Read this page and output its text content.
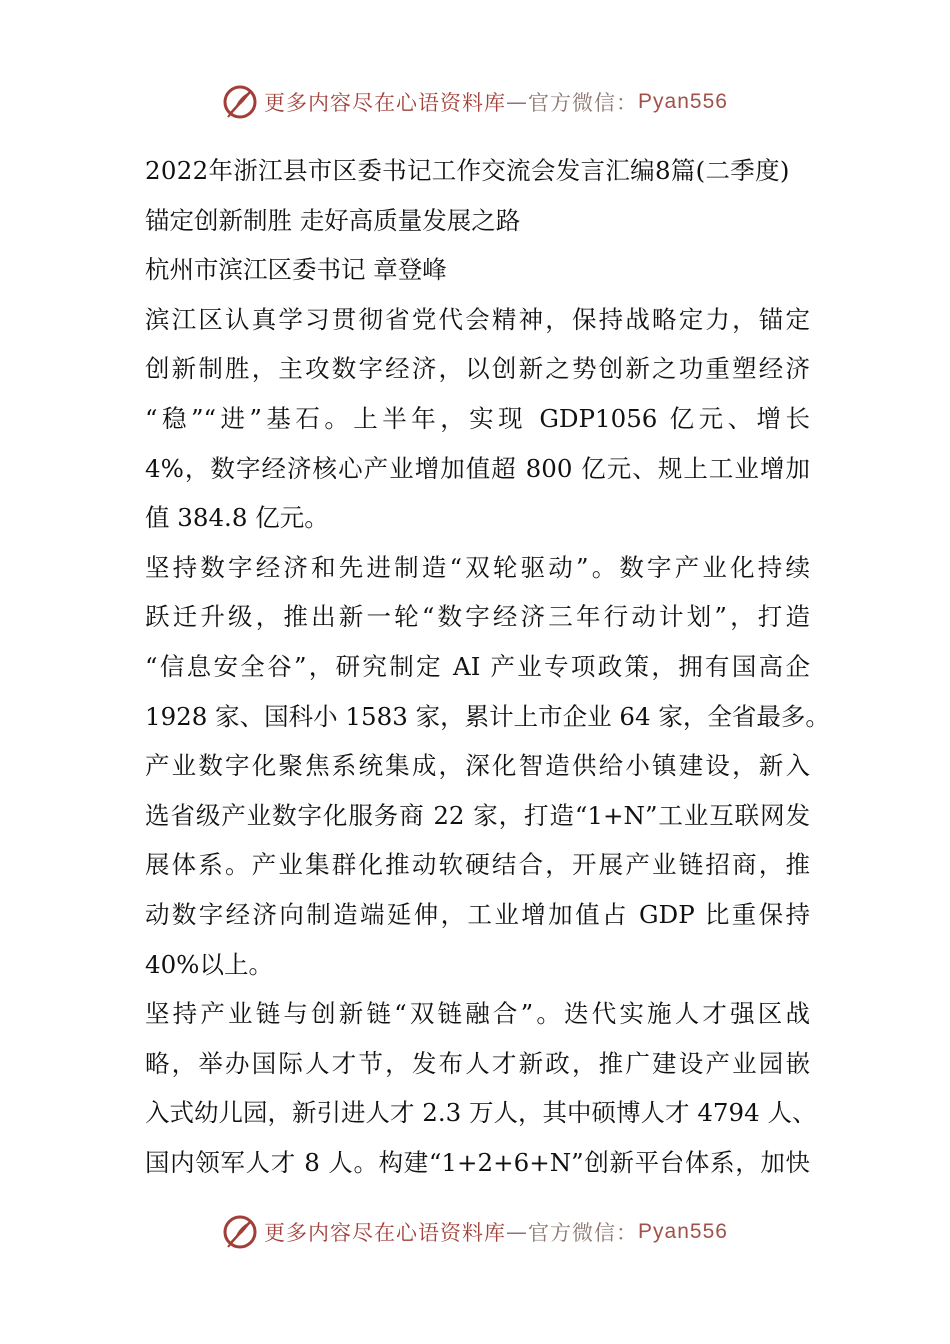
更多内容尽在心语资料库 — 官方微信： Pyan556
2022年浙江县市区委书记工作交流会发言汇编8篇(二季度)
锚定创新制胜 走好高质量发展之路
杭州市滨江区委书记 章登峰
滨江区认真学习贯彻省党代会精神，保持战略定力，锚定
创新制胜，主攻数字经济，以创新之势创新之功重塑经济
“稳”“进”基石。上半年，实现 GDP1056 亿元、增长
4%，数字经济核心产业增加值超 800 亿元、规上工业增加
值 384.8 亿元。
坚持数字经济和先进制造“双轮驱动”。数字产业化持续
跃迁升级，推出新一轮“数字经济三年行动计划”，打造
“信息安全谷”，研究制定 AI 产业专项政策，拥有国高企
1928 家、国科小 1583 家，累计上市企业 64 家，全省最多。
产业数字化聚焦系统集成，深化智造供给小镇建设，新入
选省级产业数字化服务商 22 家，打造“1+N”工业互联网发
展体系。产业集群化推动软硬结合，开展产业链招商，推
动数字经济向制造端延伸，工业增加值占 GDP 比重保持
40%以上。
坚持产业链与创新链“双链融合”。迭代实施人才强区战
略，举办国际人才节，发布人才新政，推广建设产业园嵌
入式幼儿园，新引进人才 2.3 万人，其中硕博人才 4794 人、
国内领军人才 8 人。构建“1+2+6+N”创新平台体系，加快
更多内容尽在心语资料库 — 官方微信： Pyan556
